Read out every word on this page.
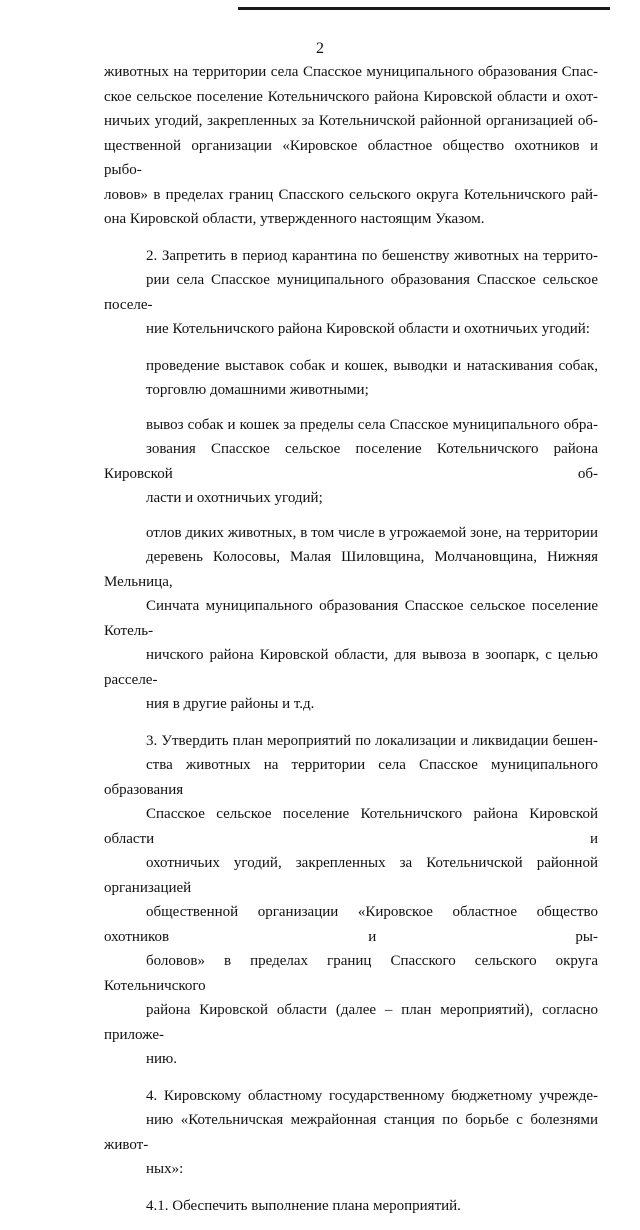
2

животных на территории села Спасское муниципального образования Спас-
ское сельское поселение Котельничского района Кировской области и охот-
ничьих угодий, закрепленных за Котельничской районной организацией об-
щественной организации «Кировское областное общество охотников и рыбо-
ловов» в пределах границ Спасского сельского округа Котельничского рай-
она Кировской области, утвержденного настоящим Указом.

2. Запретить в период карантина по бешенству животных на террито-
рии села Спасское муниципального образования Спасское сельское поселе-
ние Котельничского района Кировской области и охотничьих угодий:

проведение выставок собак и кошек, выводки и натаскивания собак,
торговлю домашними животными;

вывоз собак и кошек за пределы села Спасское муниципального обра-
зования Спасское сельское поселение Котельничского района Кировской об-
ласти и охотничьих угодий;

отлов диких животных, в том числе в угрожаемой зоне, на территории
деревень Колосовы, Малая Шиловщина, Молчановщина, Нижняя Мельница,
Синчата муниципального образования Спасское сельское поселение Котель-
ничского района Кировской области, для вывоза в зоопарк, с целью расселе-
ния в другие районы и т.д.

3. Утвердить план мероприятий по локализации и ликвидации бешен-
ства животных на территории села Спасское муниципального образования
Спасское сельское поселение Котельничского района Кировской области и
охотничьих угодий, закрепленных за Котельничской районной организацией
общественной организации «Кировское областное общество охотников и ры-
боловов» в пределах границ Спасского сельского округа Котельничского
района Кировской области (далее – план мероприятий), согласно приложе-
нию.

4. Кировскому областному государственному бюджетному учрежде-
нию «Котельничская межрайонная станция по борьбе с болезнями живот-
ных»:

4.1. Обеспечить выполнение плана мероприятий.
